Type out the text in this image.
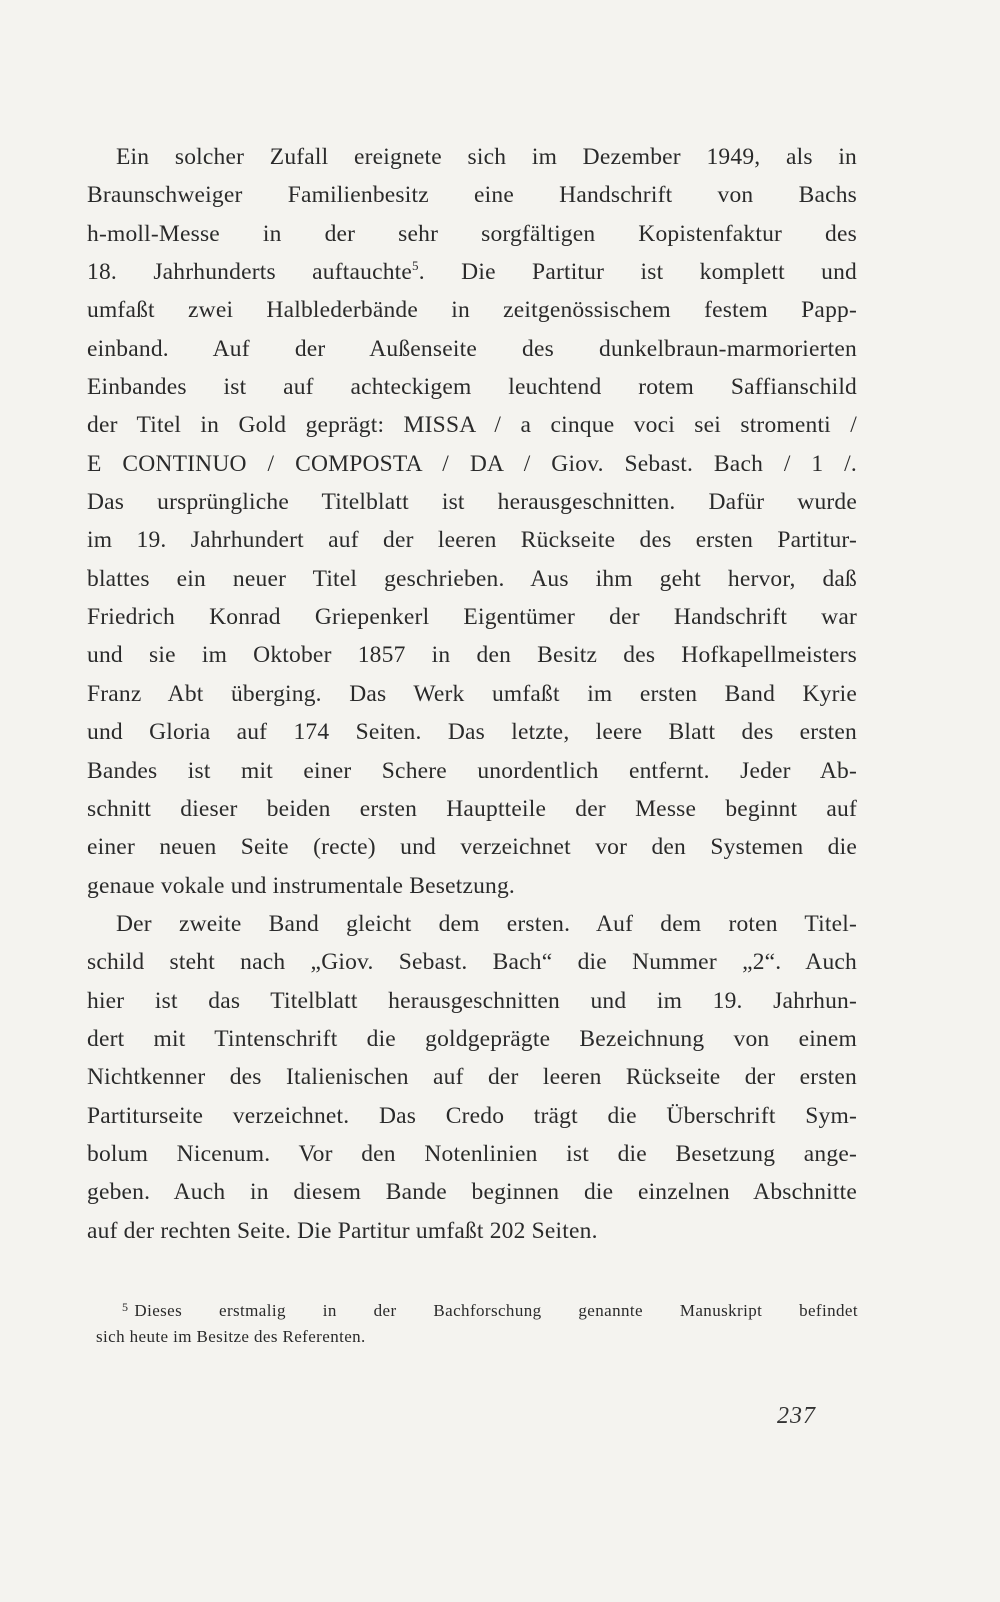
Ein solcher Zufall ereignete sich im Dezember 1949, als in
Braunschweiger Familienbesitz eine Handschrift von Bachs
h-moll-Messe in der sehr sorgfältigen Kopistenfaktur des
18. Jahrhunderts auftauchte$^5$. Die Partitur ist komplett und
umfaßt zwei Halblederbände in zeitgenössischem festem Papp-
einband. Auf der Außenseite des dunkelbraun-marmorierten
Einbandes ist auf achteckigem leuchtend rotem Saffianschild
der Titel in Gold geprägt: MISSA / a cinque voci sei stromenti /
E CONTINUO / COMPOSTA / DA / Giov. Sebast. Bach / 1 /.
Das ursprüngliche Titelblatt ist herausgeschnitten. Dafür wurde
im 19. Jahrhundert auf der leeren Rückseite des ersten Partitur-
blattes ein neuer Titel geschrieben. Aus ihm geht hervor, daß
Friedrich Konrad Griepenkerl Eigentümer der Handschrift war
und sie im Oktober 1857 in den Besitz des Hofkapellmeisters
Franz Abt überging. Das Werk umfaßt im ersten Band Kyrie
und Gloria auf 174 Seiten. Das letzte, leere Blatt des ersten
Bandes ist mit einer Schere unordentlich entfernt. Jeder Ab-
schnitt dieser beiden ersten Hauptteile der Messe beginnt auf
einer neuen Seite (recte) und verzeichnet vor den Systemen die
genaue vokale und instrumentale Besetzung.
Der zweite Band gleicht dem ersten. Auf dem roten Titel-
schild steht nach „Giov. Sebast. Bach“ die Nummer „2“. Auch
hier ist das Titelblatt herausgeschnitten und im 19. Jahrhun-
dert mit Tintenschrift die goldgeprägte Bezeichnung von einem
Nichtkenner des Italienischen auf der leeren Rückseite der ersten
Partiturseite verzeichnet. Das Credo trägt die Überschrift Sym-
bolum Nicenum. Vor den Notenlinien ist die Besetzung ange-
geben. Auch in diesem Bande beginnen die einzelnen Abschnitte
auf der rechten Seite. Die Partitur umfaßt 202 Seiten.
$^5$ Dieses erstmalig in der Bachforschung genannte Manuskript befindet
sich heute im Besitze des Referenten.
237
